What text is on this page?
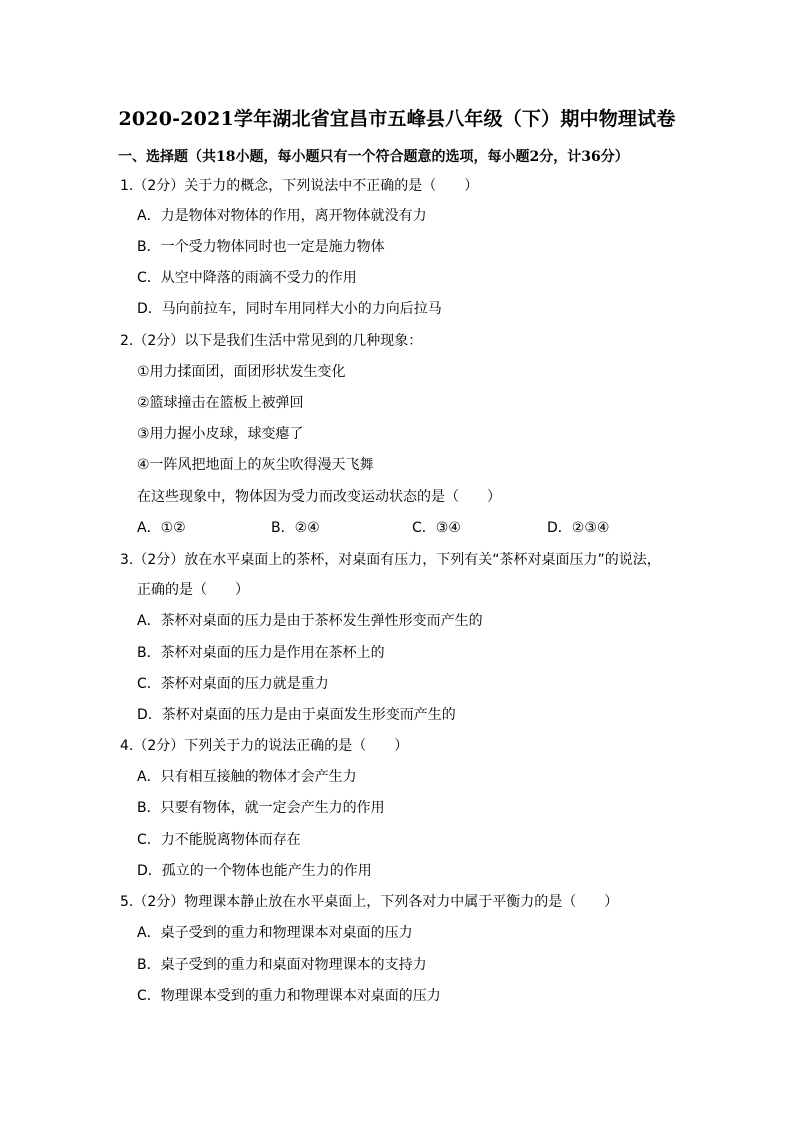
2020-2021学年湖北省宜昌市五峰县八年级（下）期中物理试卷
一、选择题（共18小题，每小题只有一个符合题意的选项，每小题2分，计36分）
1.（2分）关于力的概念，下列说法中不正确的是（　　）
A．力是物体对物体的作用，离开物体就没有力
B．一个受力物体同时也一定是施力物体
C．从空中降落的雨滴不受力的作用
D．马向前拉车，同时车用同样大小的力向后拉马
2.（2分）以下是我们生活中常见到的几种现象：
①用力揉面团，面团形状发生变化
②篮球撞击在篮板上被弹回
③用力握小皮球，球变瘪了
④一阵风把地面上的灰尘吹得漫天飞舞
在这些现象中，物体因为受力而改变运动状态的是（　　）
A．①②	B．②④	C．③④	D．②③④
3.（2分）放在水平桌面上的茶杯，对桌面有压力，下列有关“茶杯对桌面压力”的说法，
正确的是（　　）
A．茶杯对桌面的压力是由于茶杯发生弹性形变而产生的
B．茶杯对桌面的压力是作用在茶杯上的
C．茶杯对桌面的压力就是重力
D．茶杯对桌面的压力是由于桌面发生形变而产生的
4.（2分）下列关于力的说法正确的是（　　）
A．只有相互接触的物体才会产生力
B．只要有物体，就一定会产生力的作用
C．力不能脱离物体而存在
D．孤立的一个物体也能产生力的作用
5.（2分）物理课本静止放在水平桌面上，下列各对力中属于平衡力的是（　　）
A．桌子受到的重力和物理课本对桌面的压力
B．桌子受到的重力和桌面对物理课本的支持力
C．物理课本受到的重力和物理课本对桌面的压力
